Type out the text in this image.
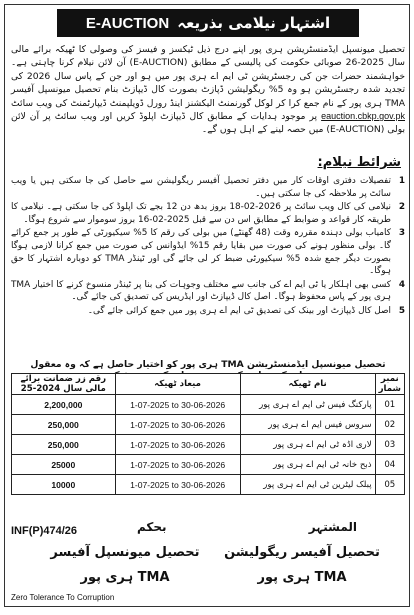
اشتہار نیلامی بذریعہ
E-AUCTION
تحصیل میونسپل ایڈمنسٹریشن ہری پور اپنے درج ذیل ٹیکسز و فیسز کی وصولی کا ٹھیکہ برائے مالی سال 2025-26 صوبائی حکومت کی پالیسی کے مطابق (E-AUCTION) آن لائن نیلام کرنا چاہتی ہے۔ خواہشمند حضرات جن کی رجسٹریشن ٹی ایم اے ہری پور میں ہو اور جن کے پاس سال 2026 کی تجدید شدہ رجسٹریشن ہو وہ 5% ریگولیشن ڈپازٹ بصورت کال ڈیپازٹ بنام تحصیل میونسپل آفیسر TMA ہری پور کے نام جمع کرا کر لوکل گورنمنٹ الیکشنز اینڈ رورل ڈویلپمنٹ ڈیپارٹمنٹ کی ویب سائٹ eauction.cbkp.gov.pk پر موجود ہدایات کے مطابق کال ڈیپازٹ اپلوڈ کریں اور ویب سائٹ پر آن لائن بولی (E-AUCTION) میں حصہ لینے کے اہل ہوں گے۔
شرائط نیلام:
1
تفصیلات دفتری اوقات کار میں دفتر تحصیل آفیسر ریگولیشن سے حاصل کی جا سکتی ہیں یا ویب سائٹ پر ملاحظہ کی جا سکتی ہیں۔
2
نیلامی کی کال ویب سائٹ پر 2026-02-18 بروز بدھ دن 12 بجے تک اپلوڈ کی جا سکتی ہے۔ نیلامی کا طریقہ کار قواعد و ضوابط کے مطابق اس دن سے قبل 2025-02-16 بروز سوموار سے شروع ہوگا۔
3
کامیاب بولی دہندہ مقررہ وقت (48 گھنٹے) میں بولی کی رقم کا 5% سیکیورٹی کے طور پر جمع کرائے گا۔ بولی منظور ہونے کی صورت میں بقایا رقم 15% ایڈوانس کی صورت میں جمع کرانا لازمی ہوگا بصورت دیگر جمع شدہ 5% سیکیورٹی ضبط کر لی جائے گی اور ٹینڈر TMA کو دوبارہ اشتہار کا حق ہوگا۔
4
کسی بھی اہلکار یا ٹی ایم اے کی جانب سے مختلف وجوہات کی بنا پر ٹینڈر منسوخ کرنے کا اختیار TMA ہری پور کے پاس محفوظ ہوگا۔ اصل کال ڈیپازٹ اور ایڈریس کی تصدیق کی جائے گی۔
5
اصل کال ڈیپازٹ اور بینک کی تصدیق ٹی ایم اے ہری پور میں جمع کرائی جائے گی۔
تحصیل میونسپل ایڈمنسٹریشن TMA ہری پور کو اختیار حاصل ہے کہ وہ معقول
نمبر شمار	نام ٹھیکہ	میعاد ٹھیکہ	رقم زر ضمانت برائے مالی سال 2024-25
01	پارکنگ فیس ٹی ایم اے ہری پور	1-07-2025 to 30-06-2026	2,200,000
02	سروس فیس ایم اے ہری پور	1-07-2025 to 30-06-2026	250,000
03	لاری اڈہ ٹی ایم اے ہری پور	1-07-2025 to 30-06-2026	250,000
04	ذبح خانہ ٹی ایم اے ہری پور	1-07-2025 to 30-06-2026	25000
05	پبلک لیٹرین ٹی ایم اے ہری پور	1-07-2025 to 30-06-2026	10000
INF(P)474/26	بحکم	المشتہر
تحصیل میونسپل آفیسر
TMA ہری پور
تحصیل آفیسر ریگولیشن
TMA ہری پور
Zero Tolerance To Corruption
